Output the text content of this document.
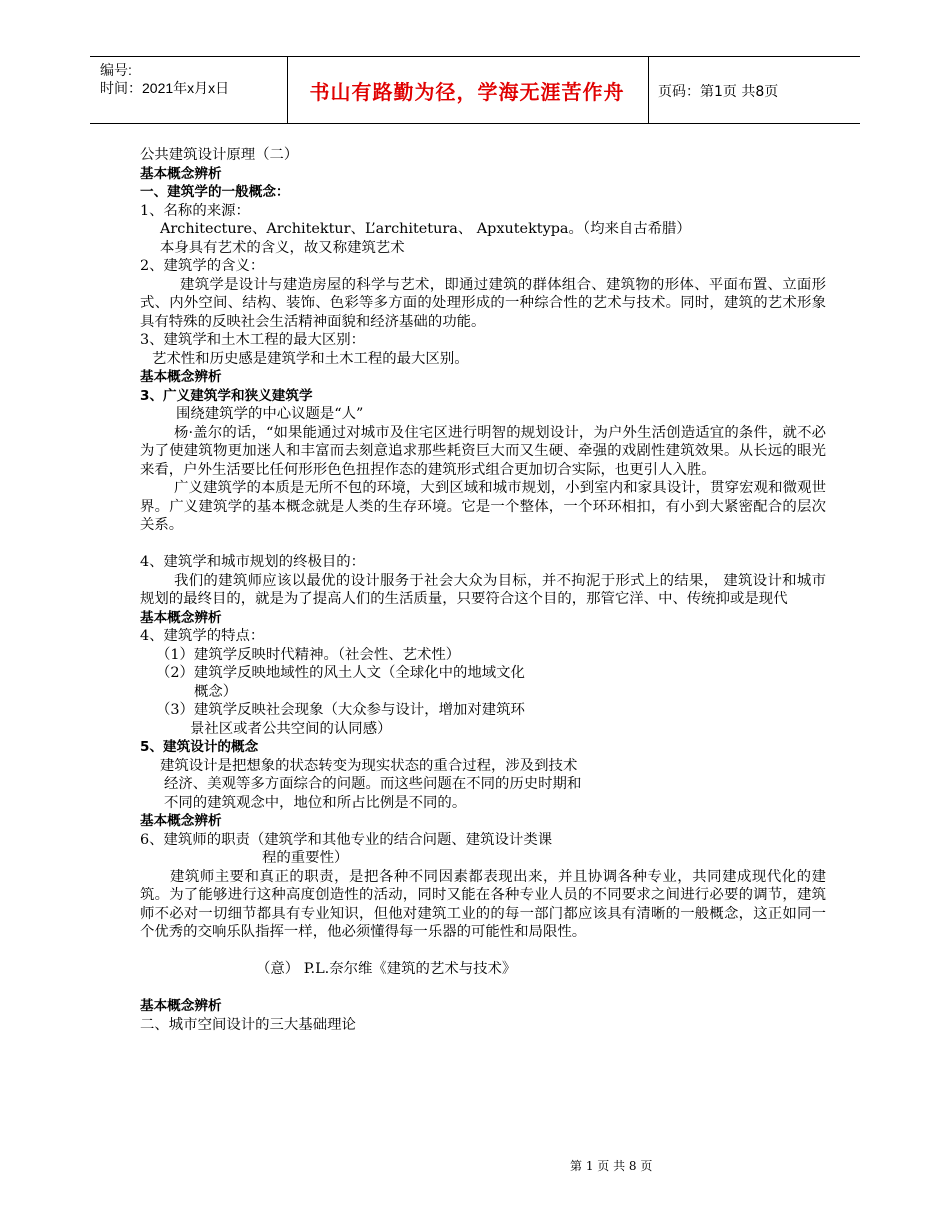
编号:
时间：2021年x月x日	书山有路勤为径，学海无涯苦作舟	页码：第1页 共8页

公共建筑设计原理（二）

基本概念辨析

一、建筑学的一般概念：

1、名称的来源：

Architecture、Architektur、L’architetura、 Apxutektypa。（均来自古希腊）

本身具有艺术的含义，故又称建筑艺术

2、建筑学的含义：

建筑学是设计与建造房屋的科学与艺术，即通过建筑的群体组合、建筑物的形体、平面布置、立面形式、内外空间、结构、装饰、色彩等多方面的处理形成的一种综合性的艺术与技术。同时，建筑的艺术形象具有特殊的反映社会生活精神面貌和经济基础的功能。

3、建筑学和土木工程的最大区别：

艺术性和历史感是建筑学和土木工程的最大区别。

基本概念辨析

3、广义建筑学和狭义建筑学

围绕建筑学的中心议题是“人”

杨·盖尔的话，“如果能通过对城市及住宅区进行明智的规划设计，为户外生活创造适宜的条件，就不必为了使建筑物更加迷人和丰富而去刻意追求那些耗资巨大而又生硬、牵强的戏剧性建筑效果。从长远的眼光来看，户外生活要比任何形形色色扭捏作态的建筑形式组合更加切合实际，也更引人入胜。

广义建筑学的本质是无所不包的环境，大到区域和城市规划，小到室内和家具设计，贯穿宏观和微观世界。广义建筑学的基本概念就是人类的生存环境。它是一个整体，一个环环相扣，有小到大紧密配合的层次关系。

4、建筑学和城市规划的终极目的：

我们的建筑师应该以最优的设计服务于社会大众为目标，并不拘泥于形式上的结果， 建筑设计和城市规划的最终目的，就是为了提高人们的生活质量，只要符合这个目的，那管它洋、中、传统抑或是现代

基本概念辨析

4、建筑学的特点：

（1）建筑学反映时代精神。（社会性、艺术性）

（2）建筑学反映地域性的风土人文（全球化中的地域文化

概念）

（3）建筑学反映社会现象（大众参与设计，增加对建筑环

景社区或者公共空间的认同感）

5、建筑设计的概念

建筑设计是把想象的状态转变为现实状态的重合过程，涉及到技术

经济、美观等多方面综合的问题。而这些问题在不同的历史时期和

不同的建筑观念中，地位和所占比例是不同的。

基本概念辨析

6、建筑师的职责（建筑学和其他专业的结合问题、建筑设计类课

程的重要性）

建筑师主要和真正的职责，是把各种不同因素都表现出来，并且协调各种专业，共同建成现代化的建筑。为了能够进行这种高度创造性的活动，同时又能在各种专业人员的不同要求之间进行必要的调节，建筑师不必对一切细节都具有专业知识，但他对建筑工业的的每一部门都应该具有清晰的一般概念，这正如同一个优秀的交响乐队指挥一样，他必须懂得每一乐器的可能性和局限性。

（意） P.L.奈尔维《建筑的艺术与技术》

基本概念辨析

二、城市空间设计的三大基础理论

第 1 页 共 8 页
